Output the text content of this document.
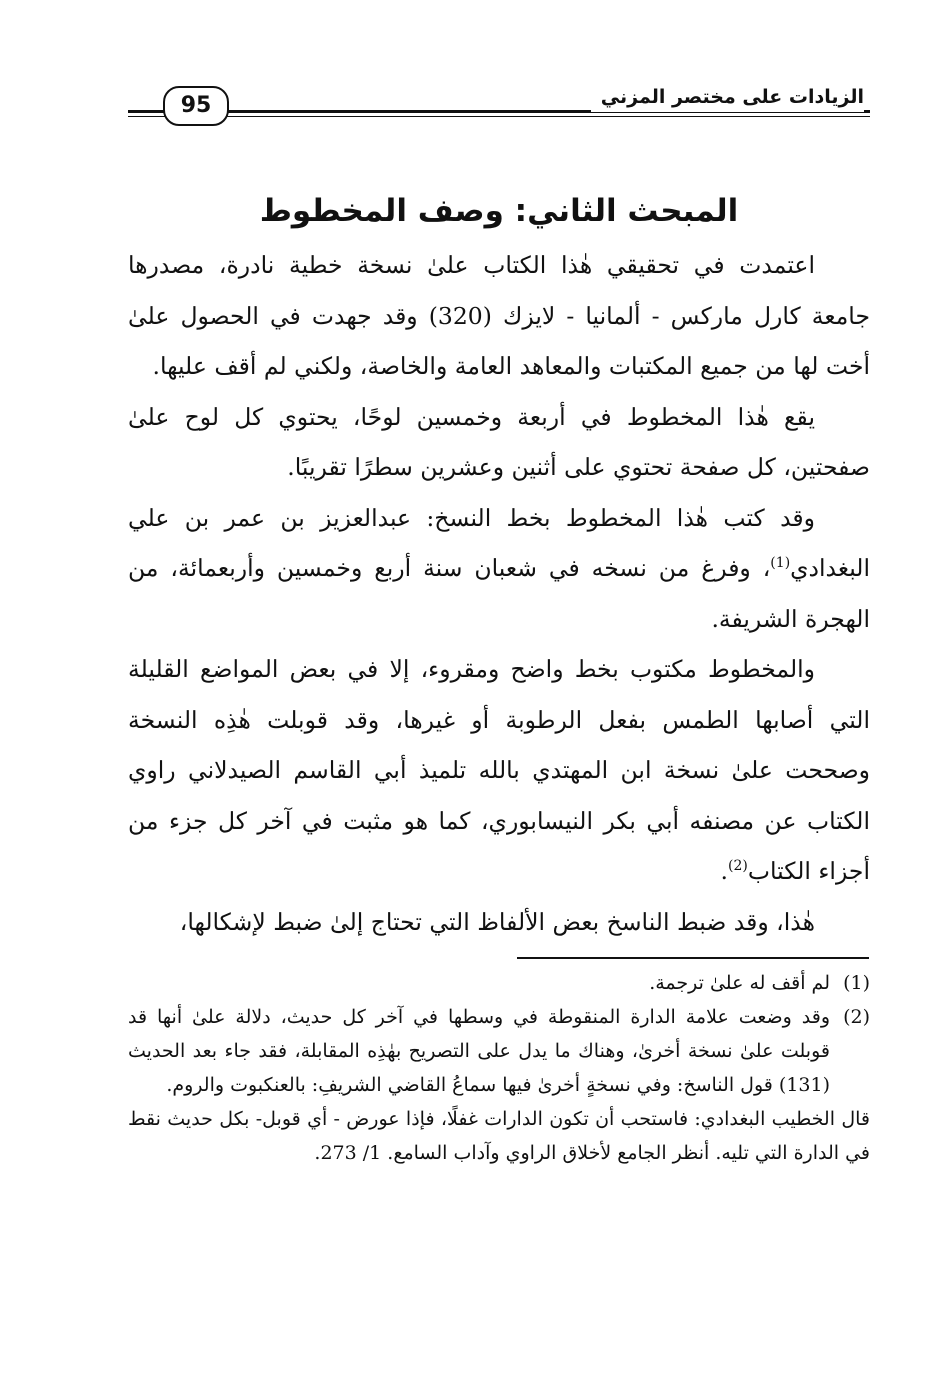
95	الزيادات على مختصر المزني
المبحث الثاني: وصف المخطوط

اعتمدت في تحقيقي هٰذا الكتاب علىٰ نسخة خطية نادرة، مصدرها جامعة كارل ماركس - ألمانيا - لايزك (320) وقد جهدت في الحصول علىٰ أخت لها من جميع المكتبات والمعاهد العامة والخاصة، ولكني لم أقف عليها.

يقع هٰذا المخطوط في أربعة وخمسين لوحًا، يحتوي كل لوح علىٰ صفحتين، كل صفحة تحتوي على أثنين وعشرين سطرًا تقريبًا.

وقد كتب هٰذا المخطوط بخط النسخ: عبدالعزيز بن عمر بن علي البغدادي$^{(1)}$، وفرغ من نسخه في شعبان سنة أربع وخمسين وأربعمائة، من الهجرة الشريفة.

والمخطوط مكتوب بخط واضح ومقروء، إلا في بعض المواضع القليلة التي أصابها الطمس بفعل الرطوبة أو غيرها، وقد قوبلت هٰذِه النسخة وصححت علىٰ نسخة ابن المهتدي بالله تلميذ أبي القاسم الصيدلاني راوي الكتاب عن مصنفه أبي بكر النيسابوري، كما هو مثبت في آخر كل جزء من أجزاء الكتاب$^{(2)}$.

هٰذا، وقد ضبط الناسخ بعض الألفاظ التي تحتاج إلىٰ ضبط لإشكالها،

(1)

لم أقف له علىٰ ترجمة.

(2)

وقد وضعت علامة الدارة المنقوطة في وسطها في آخر كل حديث، دلالة علىٰ أنها قد قوبلت علىٰ نسخة أخرىٰ، وهناك ما يدل على التصريح بهٰذِه المقابلة، فقد جاء بعد الحديث (131) قول الناسخ: وفي نسخةٍ أخرىٰ فيها سماعُ القاضي الشريفِ: بالعنكبوت والروم.

قال الخطيب البغدادي: فاستحب أن تكون الدارات غفلًا، فإذا عورض - أي قوبل- بكل حديث نقط في الدارة التي تليه. أنظر الجامع لأخلاق الراوي وآداب السامع. 1/ 273.
